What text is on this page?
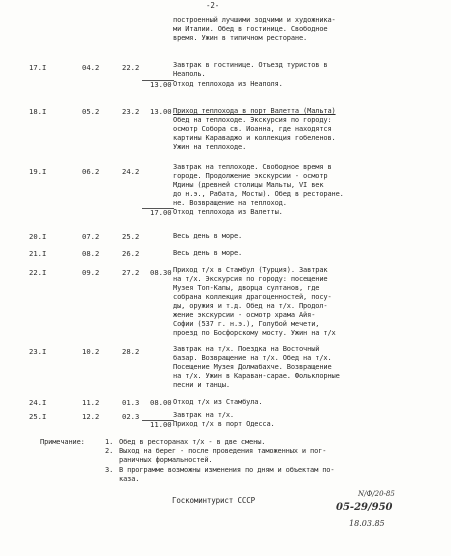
-2-
построенный лучшими зодчими и художника-
ми Италии. Обед в гостинице. Свободное
время. Ужин в типичном ресторане.
17.I	04.2	22.2	Завтрак в гостинице. Отъезд туристов в
Неаполь.
13.00 Отход теплохода из Неаполя.
18.I	05.2	23.2 13.00 Приход теплохода в порт Валетта (Мальта)
Обед на теплоходе. Экскурсия по городу:
осмотр Собора св. Иоанна, где находятся
картины Караваджо и коллекция гобеленов.
Ужин на теплоходе.
19.I	06.2	24.2	Завтрак на теплоходе. Свободное время в
городе. Продолжение экскурсии - осмотр
Мдины (древней столицы Мальты, VI век
до н.э., Рабата, Мосты). Обед в ресторане.
не. Возвращение на теплоход.
17.00 Отход теплохода из Валетты.
20.I	07.2	25.2	Весь день в море.
21.I	08.2	26.2	Весь день в море.
22.I	09.2	27.2 08.30 Приход т/х в Стамбул (Турция). Завтрак
на т/х. Экскурсия по городу: посещение
Музея Топ-Капы, дворца султанов, где
собрана коллекция драгоценностей, посу-
ды, оружия и т.д. Обед на т/х. Продол-
жение экскурсии - осмотр храма Айя-
Софии (537 г. н.э.), Голубой мечети,
проезд по Босфорскому мосту. Ужин на т/х
23.I	10.2	28.2	Завтрак на т/х. Поездка на Восточный
базар. Возвращение на т/х. Обед на т/х.
Посещение Музея Долмабахче. Возвращение
на т/х. Ужин в Караван-сарае. Фольклорные
песни и танцы.
24.I	11.2	01.3 08.00 Отход т/х из Стамбула.
25.I	12.2	02.3	Завтрак на т/х.
11.00 Приход т/х в порт Одесса.
Примечание:	1. Обед в ресторанах т/х - в две смены.
2. Выход на берег - после проведения таможенных и пог-
раничных формальностей.
3. В программе возможны изменения по дням и объектам по-
каза.
Госкоминтурист СССР
N/Ф/20-85
05-29/950
18.03.85
